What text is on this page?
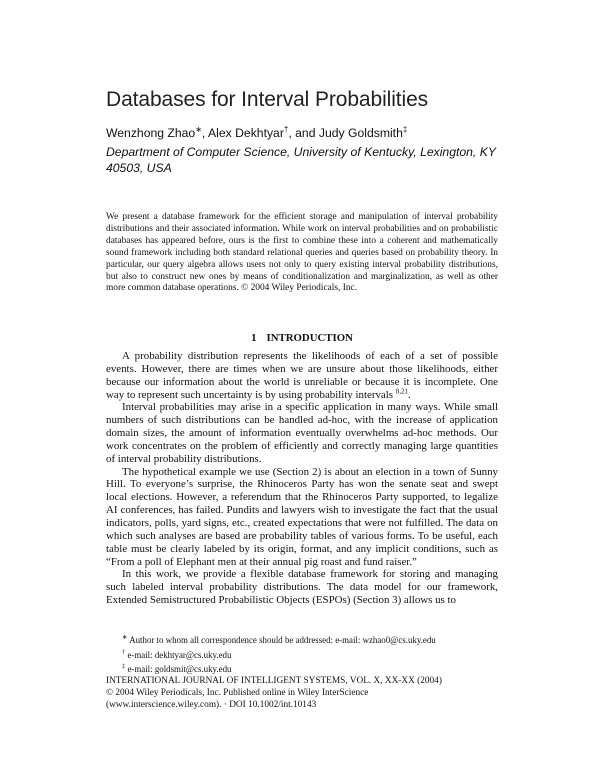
Databases for Interval Probabilities
Wenzhong Zhao∗, Alex Dekhtyar†, and Judy Goldsmith‡
Department of Computer Science, University of Kentucky, Lexington, KY 40503, USA
We present a database framework for the efficient storage and manipulation of interval probability distributions and their associated information. While work on interval probabilities and on probabilistic databases has appeared before, ours is the first to combine these into a coherent and mathematically sound framework including both standard relational queries and queries based on probability theory. In particular, our query algebra allows users not only to query existing interval probability distributions, but also to construct new ones by means of conditionalization and marginalization, as well as other more common database operations. © 2004 Wiley Periodicals, Inc.
1 INTRODUCTION

A probability distribution represents the likelihoods of each of a set of possible events. However, there are times when we are unsure about those likelihoods, either because our information about the world is unreliable or because it is incomplete. One way to represent such uncertainty is by using probability intervals $^{8,21}$.

Interval probabilities may arise in a specific application in many ways. While small numbers of such distributions can be handled ad-hoc, with the increase of application domain sizes, the amount of information eventually overwhelms ad-hoc methods. Our work concentrates on the problem of efficiently and correctly managing large quantities of interval probability distributions.

The hypothetical example we use (Section 2) is about an election in a town of Sunny Hill. To everyone’s surprise, the Rhinoceros Party has won the senate seat and swept local elections. However, a referendum that the Rhinoceros Party supported, to legalize AI conferences, has failed. Pundits and lawyers wish to investigate the fact that the usual indicators, polls, yard signs, etc., created expectations that were not fulfilled. The data on which such analyses are based are probability tables of various forms. To be useful, each table must be clearly labeled by its origin, format, and any implicit conditions, such as “From a poll of Elephant men at their annual pig roast and fund raiser.”

In this work, we provide a flexible database framework for storing and managing such labeled interval probability distributions. The data model for our framework, Extended Semistructured Probabilistic Objects (ESPOs) (Section 3) allows us to

∗ Author to whom all correspondence should be addressed: e-mail: wzhao0@cs.uky.edu
† e-mail: dekhtyar@cs.uky.edu
‡ e-mail: goldsmit@cs.uky.edu
INTERNATIONAL JOURNAL OF INTELLIGENT SYSTEMS, VOL. X, XX-XX (2004)
© 2004 Wiley Periodicals, Inc. Published online in Wiley InterScience
(www.interscience.wiley.com). · DOI 10.1002/int.10143
